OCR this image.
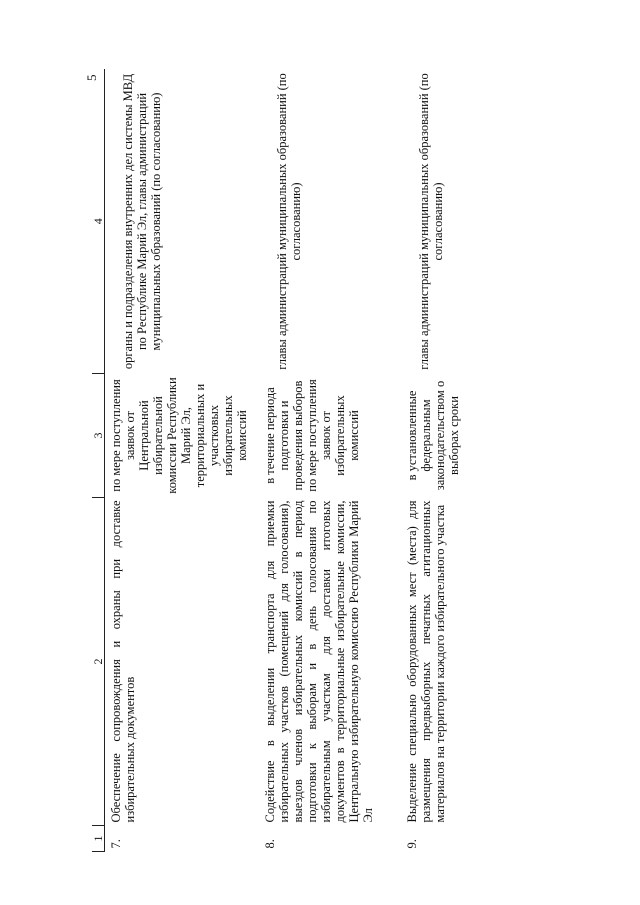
5
1	2	3	4
7.	Обеспечение сопровождения и охраны при доставке избирательных документов	по мере поступления заявок от Центральной избирательной комиссии Республики Марий Эл, территориальных и участковых избирательных комиссий	органы и подразделения внутренних дел системы МВД по Республике Марий Эл, главы администраций муниципальных образований (по согласованию)

8.	Содействие в выделении транспорта для приемки избирательных участков (помещений для голосования), выездов членов избирательных комиссий в период подготовки к выборам и в день голосования по избирательным участкам для доставки итоговых документов в территориальные избирательные комиссии, Центральную избирательную комиссию Республики Марий Эл	в течение периода подготовки и проведения выборов по мере поступления заявок от избирательных комиссий	главы администраций муниципальных образований (по согласованию)

9.	Выделение специально оборудованных мест (места) для размещения предвыборных печатных агитационных материалов на территории каждого избирательного участка	в установленные федеральным законодательством о выборах сроки	главы администраций муниципальных образований (по согласованию)
